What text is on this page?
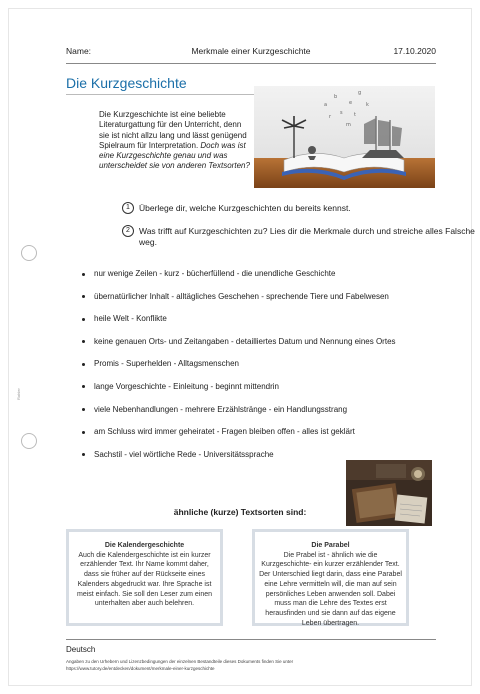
Name:	Merkmale einer Kurzgeschichte	17.10.2020
Die Kurzgeschichte
Die Kurzgeschichte ist eine beliebte Literaturgattung für den Unterricht, denn sie ist nicht allzu lang und lässt genügend Spielraum für Interpretation. Doch was ist eine Kurzgeschichte genau und was unterscheidet sie von anderen Textsorten?
a
b
e
g
s
r	t
k
m
1	Überlege dir, welche Kurzgeschichten du bereits kennst.
2	Was trifft auf Kurzgeschichten zu? Lies dir die Merkmale durch und streiche alles Falsche
weg.
Rahler
nur wenige Zeilen - kurz - bücherfüllend - die unendliche Geschichte
übernatürlicher Inhalt - alltägliches Geschehen - sprechende Tiere und Fabelwesen
heile Welt - Konflikte
keine genauen Orts- und Zeitangaben - detailliertes Datum und Nennung eines Ortes
Promis - Superhelden - Alltagsmenschen
lange Vorgeschichte - Einleitung - beginnt mittendrin
viele Nebenhandlungen - mehrere Erzählstränge - ein Handlungsstrang
am Schluss wird immer geheiratet - Fragen bleiben offen - alles ist geklärt
Sachstil - viel wörtliche Rede - Universitätssprache
ähnliche (kurze) Textsorten sind:
Die Kalendergeschichte
Auch die Kalendergeschichte ist ein kurzer erzählender Text. Ihr Name kommt daher, dass sie früher auf der Rückseite eines Kalenders abgedruckt war. Ihre Sprache ist meist einfach. Sie soll den Leser zum einen unterhalten aber auch belehren.
Die Parabel
Die Prabel ist - ähnlich wie die Kurzgeschichte- ein kurzer erzählender Text. Der Unterschied liegt darin, dass eine Parabel eine Lehre vermitteln will, die man auf sein persönliches Leben anwenden soll. Dabei muss man die Lehre des Textes erst herausfinden und sie dann auf das eigene Leben übertragen.
Deutsch
Angaben zu den Urhebern und Lizenzbedingungen der einzelnen Bestandteile dieses Dokuments finden Sie unter
https://www.tutory.de/entdecken/dokument/merkmale-einer-kurzgeschichte
